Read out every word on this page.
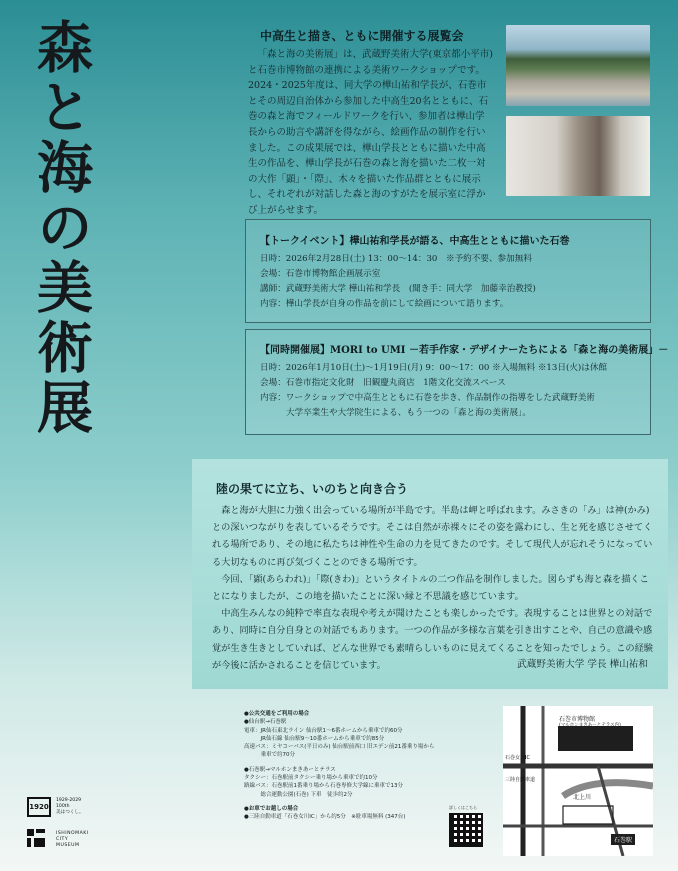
森と海の美術展	中高生と描き、ともに開催する展覧会
「森と海の美術展」は、武蔵野美術大学(東京都小平市)と石巻市博物館の連携による美術ワークショップです。2024・2025年度は、同大学の樺山祐和学長が、石巻市とその周辺自治体から参加した中高生20名とともに、石巻の森と海でフィールドワークを行い、参加者は樺山学長からの助言や講評を得ながら、絵画作品の制作を行いました。この成果展では、樺山学長とともに描いた中高生の作品を、樺山学長が石巻の森と海を描いた二枚一対の大作「顕」・「際」、木々を描いた作品群とともに展示し、それぞれが対話した森と海のすがたを展示室に浮かび上がらせます。
【トークイベント】樺山祐和学長が語る、中高生とともに描いた石巻
日時：2026年2月28日(土) 13：00～14：30　※予約不要、参加無料
会場：石巻市博物館企画展示室
講師：武蔵野美術大学 樺山祐和学長　(聞き手：同大学　加藤幸治教授)
内容：樺山学長が自身の作品を前にして絵画について語ります。
【同時開催展】MORI to UMI －若手作家・デザイナーたちによる「森と海の美術展」－
日時：2026年1月10日(土)～1月19日(月) 9：00～17：00 ※入場無料 ※13日(火)は休館
会場：石巻市指定文化財　旧観慶丸商店　1階文化交流スペース
内容：ワークショップで中高生とともに石巻を歩き、作品制作の指導をした武蔵野美術
大学卒業生や大学院生による、もう一つの「森と海の美術展」。
陸の果てに立ち、いのちと向き合う

森と海が大胆に力強く出会っている場所が半島です。半島は岬と呼ばれます。みさきの「み」は神(かみ)との深いつながりを表しているそうです。そこは自然が赤裸々にその姿を露わにし、生と死を感じさせてくれる場所であり、その地に私たちは神性や生命の力を見てきたのです。そして現代人が忘れそうになっている大切なものに再び気づくことのできる場所です。

今回、「顕(あらわれ)」「際(きわ)」というタイトルの二つ作品を制作しました。図らずも海と森を描くことになりましたが、この地を描いたことに深い縁と不思議を感じています。

中高生みんなの純粋で率直な表現や考えが聞けたことも楽しかったです。表現することは世界との対話であり、同時に自分自身との対話でもあります。一つの作品が多様な言葉を引き出すことや、自己の意識や感覚が生き生きとしていれば、どんな世界でも素晴らしいものに見えてくることを知ったでしょう。この経験が今後に活かされることを信じています。	武蔵野美術大学 学長 樺山祐和
●公共交通をご利用の場合
●仙台駅→石巻駅
電車：JR仙石東北ライン 仙台駅1～6番ホームから乗車で約60分
　　　JR仙石線 仙台駅9～10番ホームから乗車で約85分
高速バス：ミヤコーバス(平日のみ) 仙台駅前西口 旧エデン前21番乗り場から
　　　乗車で約70分
●石巻駅→マルホンまきあーとテラス
タクシー：石巻駅前タクシー乗り場から乗車で約10分
路線バス：石巻駅前1番乗り場から石巻専修大学線に乗車で13分
　　　総合運動公園(石巻) 下車　徒歩約2分
●お車でお越しの場合
●三陸自動車道「石巻女川IC」から約5分　※駐車場無料 (347台)
詳しくはこちら
石巻市博物館
(マルホンまきあーとテラス内)
北上川
石巻女川IC
三陸自動車道
石巻駅
1920
1929-2029
100th
美はつくし。
ISHINOMAKI
CITY
MUSEUM
